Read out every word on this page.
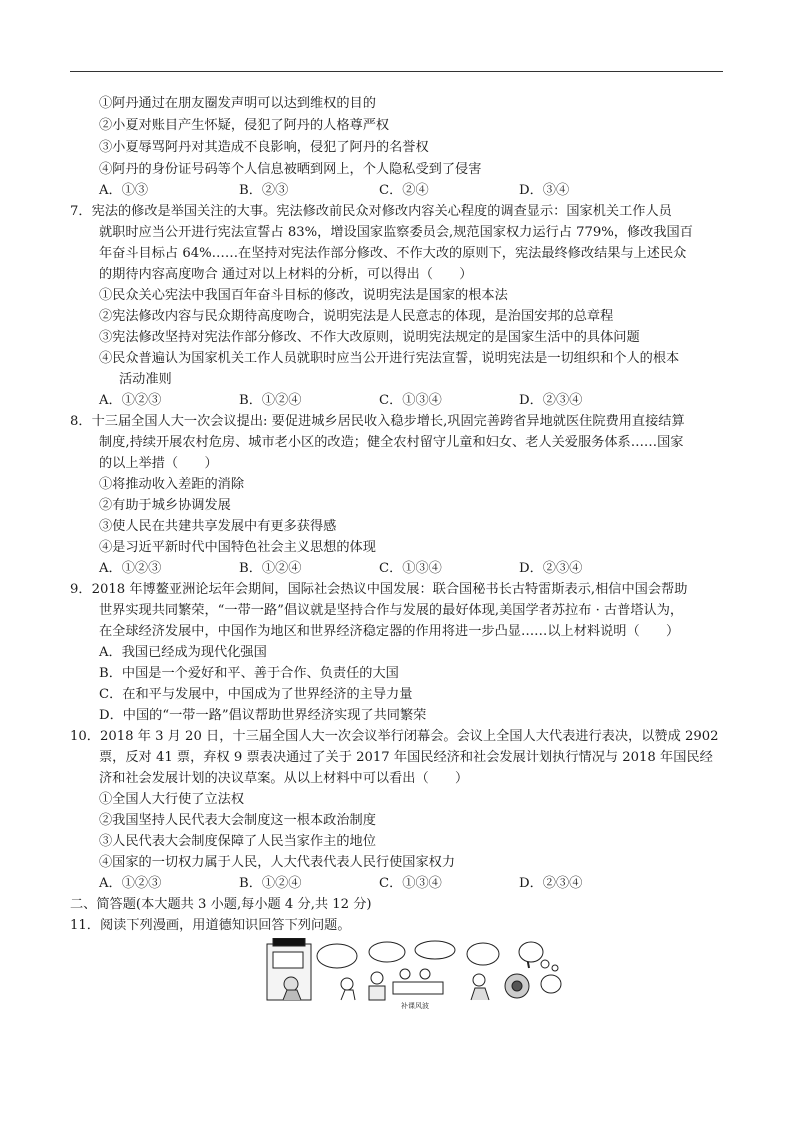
①阿丹通过在朋友圈发声明可以达到维权的目的
②小夏对账目产生怀疑，侵犯了阿丹的人格尊严权
③小夏辱骂阿丹对其造成不良影响，侵犯了阿丹的名誉权
④阿丹的身份证号码等个人信息被晒到网上，个人隐私受到了侵害
A．①③	B．②③	C．②④	D．③④
7．宪法的修改是举国关注的大事。宪法修改前民众对修改内容关心程度的调查显示：国家机关工作人员
就职时应当公开进行宪法宣誓占 83%，增设国家监察委员会,规范国家权力运行占 779%，修改我国百
年奋斗目标占 64%……在坚持对宪法作部分修改、不作大改的原则下，宪法最终修改结果与上述民众
的期待内容高度吻合 通过对以上材料的分析，可以得出（　　）
①民众关心宪法中我国百年奋斗目标的修改，说明宪法是国家的根本法
②宪法修改内容与民众期待高度吻合，说明宪法是人民意志的体现，是治国安邦的总章程
③宪法修改坚持对宪法作部分修改、不作大改原则，说明宪法规定的是国家生活中的具体问题
④民众普遍认为国家机关工作人员就职时应当公开进行宪法宣誓，说明宪法是一切组织和个人的根本
活动准则
A．①②③	B．①②④	C．①③④	D．②③④
8．十三届全国人大一次会议提出: 要促进城乡居民收入稳步增长,巩固完善跨省异地就医住院费用直接结算
制度,持续开展农村危房、城市老小区的改造；健全农村留守儿童和妇女、老人关爱服务体系……国家
的以上举措（　　）
①将推动收入差距的消除
②有助于城乡协调发展
③使人民在共建共享发展中有更多获得感
④是习近平新时代中国特色社会主义思想的体现
A．①②③	B．①②④	C．①③④	D．②③④
9．2018 年博鳌亚洲论坛年会期间，国际社会热议中国发展：联合国秘书长古特雷斯表示,相信中国会帮助
世界实现共同繁荣，“一带一路”倡议就是坚持合作与发展的最好体现,美国学者苏拉布 · 古普塔认为，
在全球经济发展中，中国作为地区和世界经济稳定器的作用将进一步凸显……以上材料说明（　　）
A．我国已经成为现代化强国
B．中国是一个爱好和平、善于合作、负责任的大国
C．在和平与发展中，中国成为了世界经济的主导力量
D．中国的“一带一路”倡议帮助世界经济实现了共同繁荣
10．2018 年 3 月 20 日，十三届全国人大一次会议举行闭幕会。会议上全国人大代表进行表决，以赞成 2902
票，反对 41 票，弃权 9 票表决通过了关于 2017 年国民经济和社会发展计划执行情况与 2018 年国民经
济和社会发展计划的决议草案。从以上材料中可以看出（　　）
①全国人大行使了立法权
②我国坚持人民代表大会制度这一根本政治制度
③人民代表大会制度保障了人民当家作主的地位
④国家的一切权力属于人民，人大代表代表人民行使国家权力
A．①②③	B．①②④	C．①③④	D．②③④
二、简答题(本大题共 3 小题,每小题 4 分,共 12 分)
11．阅读下列漫画，用道德知识回答下列问题。
补课风波
